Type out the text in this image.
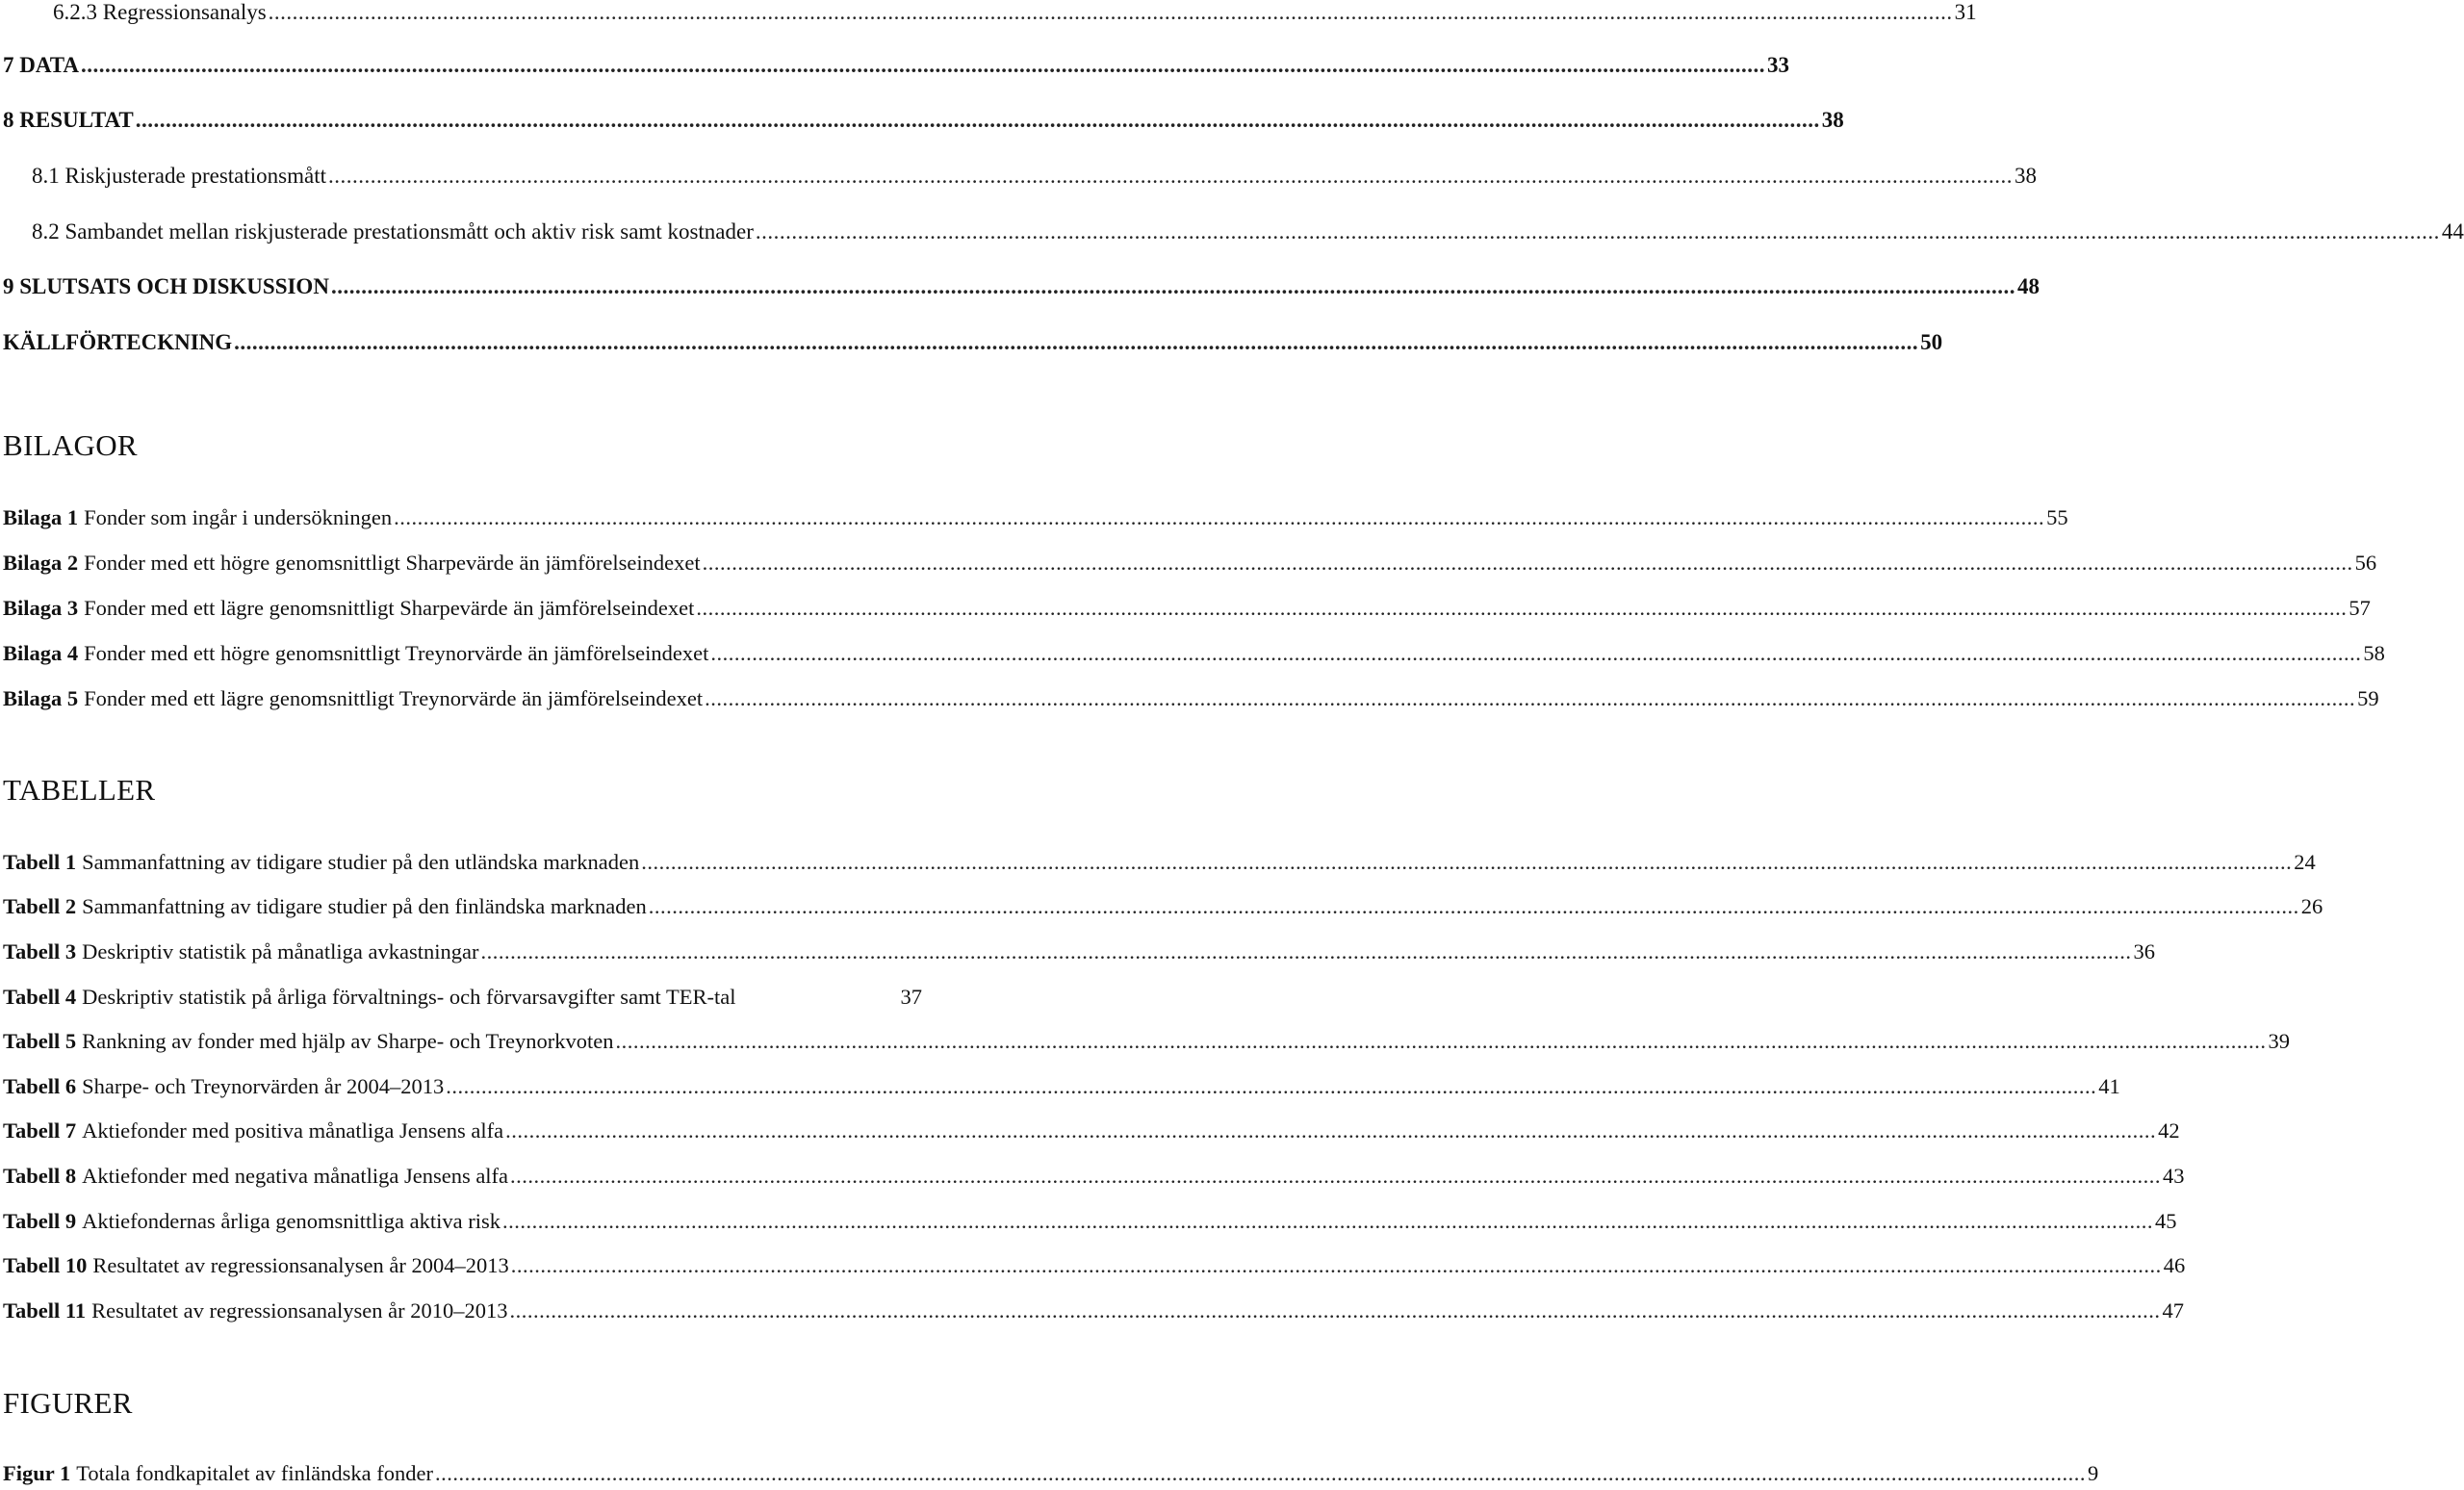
6.2.3 Regressionsanalys .....	31
7 DATA .....	33
8 RESULTAT .....	38
8.1 Riskjusterade prestationsmått .....	38
8.2 Sambandet mellan riskjusterade prestationsmått och aktiv risk samt kostnader .....	44
9 SLUTSATS OCH DISKUSSION .....	48
KÄLLFÖRTECKNING .....	50
BILAGOR
Bilaga 1 Fonder som ingår i undersökningen .....	55
Bilaga 2 Fonder med ett högre genomsnittligt Sharpevärde än jämförelseindexet .....	56
Bilaga 3 Fonder med ett lägre genomsnittligt Sharpevärde än jämförelseindexet .....	57
Bilaga 4 Fonder med ett högre genomsnittligt Treynorvärde än jämförelseindexet .....	58
Bilaga 5 Fonder med ett lägre genomsnittligt Treynorvärde än jämförelseindexet .....	59
TABELLER
Tabell 1 Sammanfattning av tidigare studier på den utländska marknaden .....	24
Tabell 2 Sammanfattning av tidigare studier på den finländska marknaden .....	26
Tabell 3 Deskriptiv statistik på månatliga avkastningar .....	36
Tabell 4 Deskriptiv statistik på årliga förvaltnings- och förvarsavgifter samt TER-tal	37
Tabell 5 Rankning av fonder med hjälp av Sharpe- och Treynorkvoten .....	39
Tabell 6 Sharpe- och Treynorvärden år 2004–2013 .....	41
Tabell 7 Aktiefonder med positiva månatliga Jensens alfa .....	42
Tabell 8 Aktiefonder med negativa månatliga Jensens alfa .....	43
Tabell 9 Aktiefondernas årliga genomsnittliga aktiva risk .....	45
Tabell 10 Resultatet av regressionsanalysen år 2004–2013 .....	46
Tabell 11 Resultatet av regressionsanalysen år 2010–2013 .....	47
FIGURER
Figur 1 Totala fondkapitalet av finländska fonder .....	9
